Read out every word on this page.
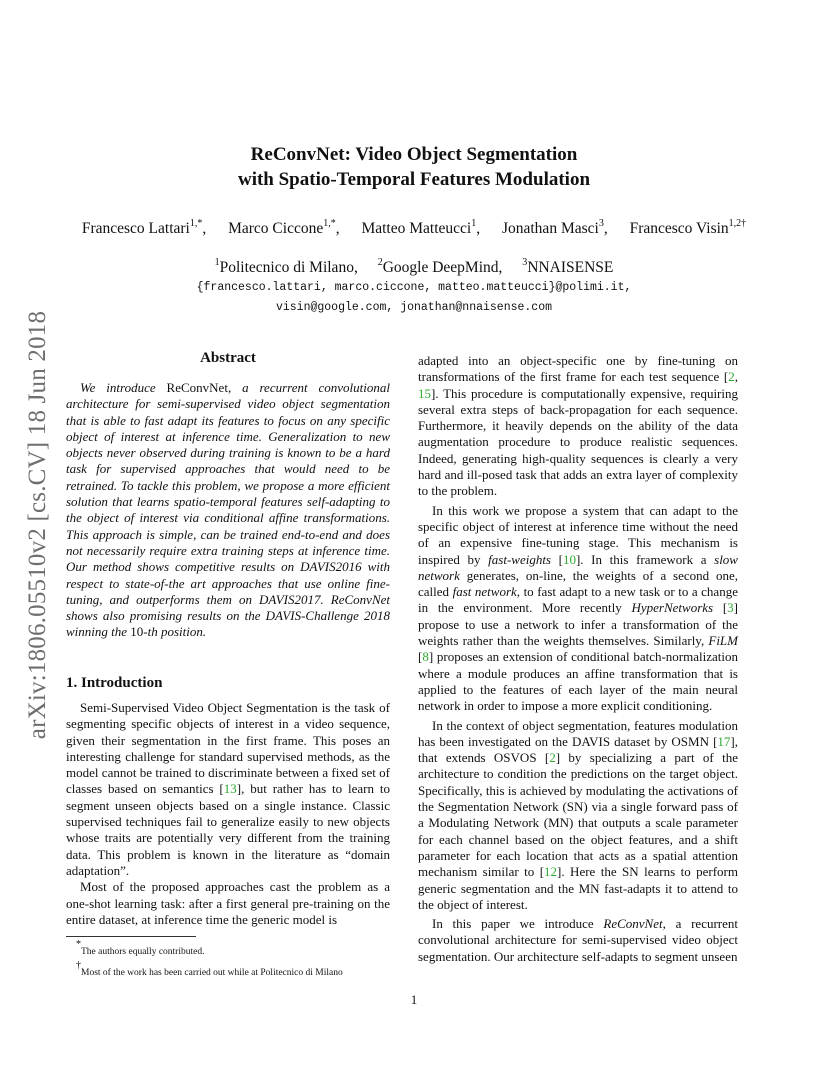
arXiv:1806.05510v2 [cs.CV] 18 Jun 2018
ReConvNet: Video Object Segmentation
with Spatio-Temporal Features Modulation
Francesco Lattari$^{1,*}$, Marco Ciccone$^{1,*}$, Matteo Matteucci$^1$, Jonathan Masci$^3$, Francesco Visin$^{1,2\dagger}$
$^1$Politecnico di Milano, $^2$Google DeepMind, $^3$NNAISENSE
{francesco.lattari, marco.ciccone, matteo.matteucci}@polimi.it,
visin@google.com, jonathan@nnaisense.com
Abstract

We introduce ReConvNet, a recurrent convolutional architecture for semi-supervised video object segmentation that is able to fast adapt its features to focus on any specific object of interest at inference time. Generalization to new objects never observed during training is known to be a hard task for supervised approaches that would need to be retrained. To tackle this problem, we propose a more efficient solution that learns spatio-temporal features self-adapting to the object of interest via conditional affine transformations. This approach is simple, can be trained end-to-end and does not necessarily require extra training steps at inference time. Our method shows competitive results on DAVIS2016 with respect to state-of-the art approaches that use online fine-tuning, and outperforms them on DAVIS2017. ReConvNet shows also promising results on the DAVIS-Challenge 2018 winning the 10-th position.

1. Introduction

Semi-Supervised Video Object Segmentation is the task of segmenting specific objects of interest in a video sequence, given their segmentation in the first frame. This poses an interesting challenge for standard supervised methods, as the model cannot be trained to discriminate between a fixed set of classes based on semantics [13], but rather has to learn to segment unseen objects based on a single instance. Classic supervised techniques fail to generalize easily to new objects whose traits are potentially very different from the training data. This problem is known in the literature as “domain adaptation”.

Most of the proposed approaches cast the problem as a one-shot learning task: after a first general pre-training on the entire dataset, at inference time the generic model is

adapted into an object-specific one by fine-tuning on transformations of the first frame for each test sequence [2, 15]. This procedure is computationally expensive, requiring several extra steps of back-propagation for each sequence. Furthermore, it heavily depends on the ability of the data augmentation procedure to produce realistic sequences. Indeed, generating high-quality sequences is clearly a very hard and ill-posed task that adds an extra layer of complexity to the problem.

In this work we propose a system that can adapt to the specific object of interest at inference time without the need of an expensive fine-tuning stage. This mechanism is inspired by fast-weights [10]. In this framework a slow network generates, on-line, the weights of a second one, called fast network, to fast adapt to a new task or to a change in the environment. More recently HyperNetworks [3] propose to use a network to infer a transformation of the weights rather than the weights themselves. Similarly, FiLM [8] proposes an extension of conditional batch-normalization where a module produces an affine transformation that is applied to the features of each layer of the main neural network in order to impose a more explicit conditioning.

In the context of object segmentation, features modulation has been investigated on the DAVIS dataset by OSMN [17], that extends OSVOS [2] by specializing a part of the architecture to condition the predictions on the target object. Specifically, this is achieved by modulating the activations of the Segmentation Network (SN) via a single forward pass of a Modulating Network (MN) that outputs a scale parameter for each channel based on the object features, and a shift parameter for each location that acts as a spatial attention mechanism similar to [12]. Here the SN learns to perform generic segmentation and the MN fast-adapts it to attend to the object of interest.

In this paper we introduce ReConvNet, a recurrent convolutional architecture for semi-supervised video object segmentation. Our architecture self-adapts to segment unseen

*The authors equally contributed.
†Most of the work has been carried out while at Politecnico di Milano
1
